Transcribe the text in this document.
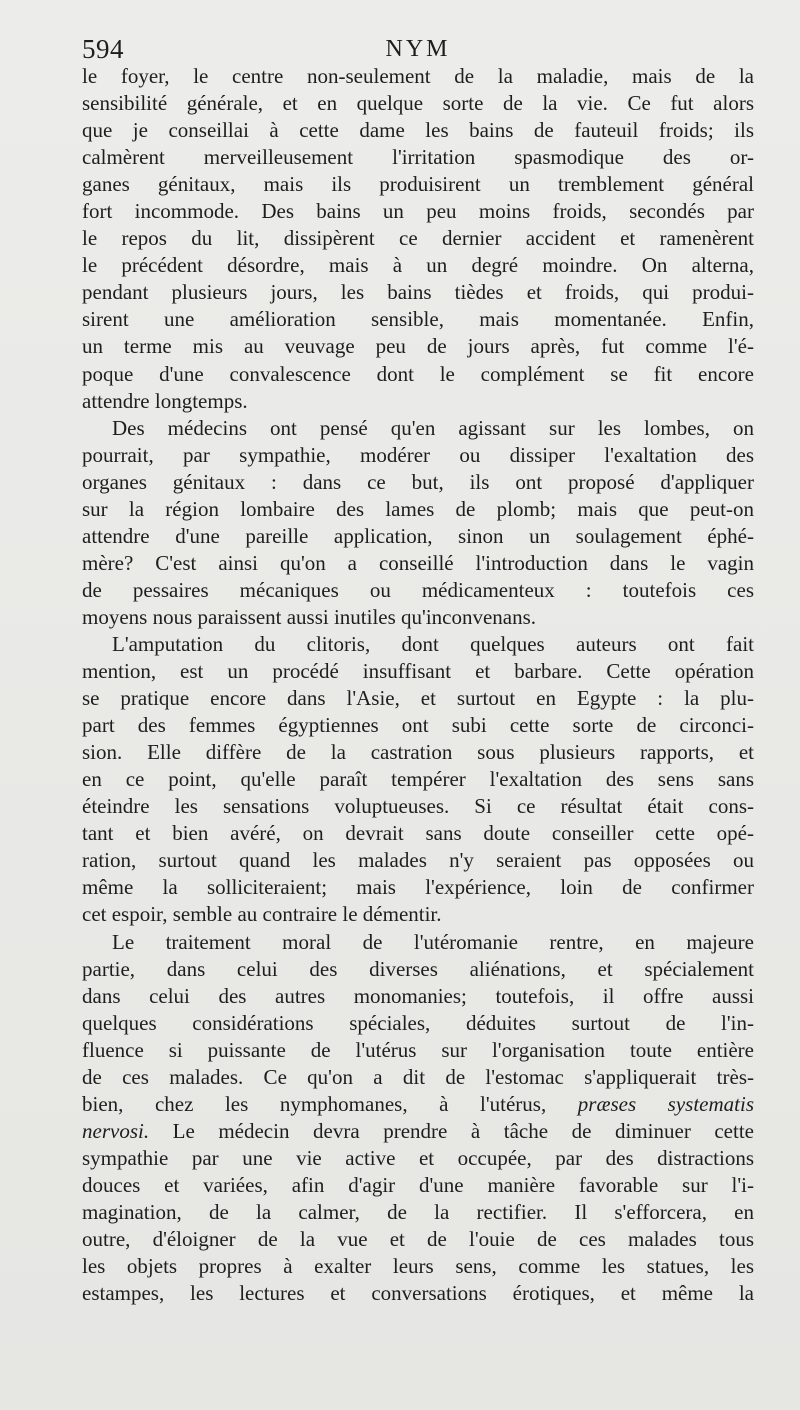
594	NYM
le foyer, le centre non-seulement de la maladie, mais de la
sensibilité générale, et en quelque sorte de la vie. Ce fut alors
que je conseillai à cette dame les bains de fauteuil froids; ils
calmèrent merveilleusement l'irritation spasmodique des or-
ganes génitaux, mais ils produisirent un tremblement général
fort incommode. Des bains un peu moins froids, secondés par
le repos du lit, dissipèrent ce dernier accident et ramenèrent
le précédent désordre, mais à un degré moindre. On alterna,
pendant plusieurs jours, les bains tièdes et froids, qui produi-
sirent une amélioration sensible, mais momentanée. Enfin,
un terme mis au veuvage peu de jours après, fut comme l'é-
poque d'une convalescence dont le complément se fit encore
attendre longtemps.
Des médecins ont pensé qu'en agissant sur les lombes, on
pourrait, par sympathie, modérer ou dissiper l'exaltation des
organes génitaux : dans ce but, ils ont proposé d'appliquer
sur la région lombaire des lames de plomb; mais que peut-on
attendre d'une pareille application, sinon un soulagement éphé-
mère? C'est ainsi qu'on a conseillé l'introduction dans le vagin
de pessaires mécaniques ou médicamenteux : toutefois ces
moyens nous paraissent aussi inutiles qu'inconvenans.
L'amputation du clitoris, dont quelques auteurs ont fait
mention, est un procédé insuffisant et barbare. Cette opération
se pratique encore dans l'Asie, et surtout en Egypte : la plu-
part des femmes égyptiennes ont subi cette sorte de circonci-
sion. Elle diffère de la castration sous plusieurs rapports, et
en ce point, qu'elle paraît tempérer l'exaltation des sens sans
éteindre les sensations voluptueuses. Si ce résultat était cons-
tant et bien avéré, on devrait sans doute conseiller cette opé-
ration, surtout quand les malades n'y seraient pas opposées ou
même la solliciteraient; mais l'expérience, loin de confirmer
cet espoir, semble au contraire le démentir.
Le traitement moral de l'utéromanie rentre, en majeure
partie, dans celui des diverses aliénations, et spécialement
dans celui des autres monomanies; toutefois, il offre aussi
quelques considérations spéciales, déduites surtout de l'in-
fluence si puissante de l'utérus sur l'organisation toute entière
de ces malades. Ce qu'on a dit de l'estomac s'appliquerait très-
bien, chez les nymphomanes, à l'utérus, præses systematis
nervosi. Le médecin devra prendre à tâche de diminuer cette
sympathie par une vie active et occupée, par des distractions
douces et variées, afin d'agir d'une manière favorable sur l'i-
magination, de la calmer, de la rectifier. Il s'efforcera, en
outre, d'éloigner de la vue et de l'ouie de ces malades tous
les objets propres à exalter leurs sens, comme les statues, les
estampes, les lectures et conversations érotiques, et même la
